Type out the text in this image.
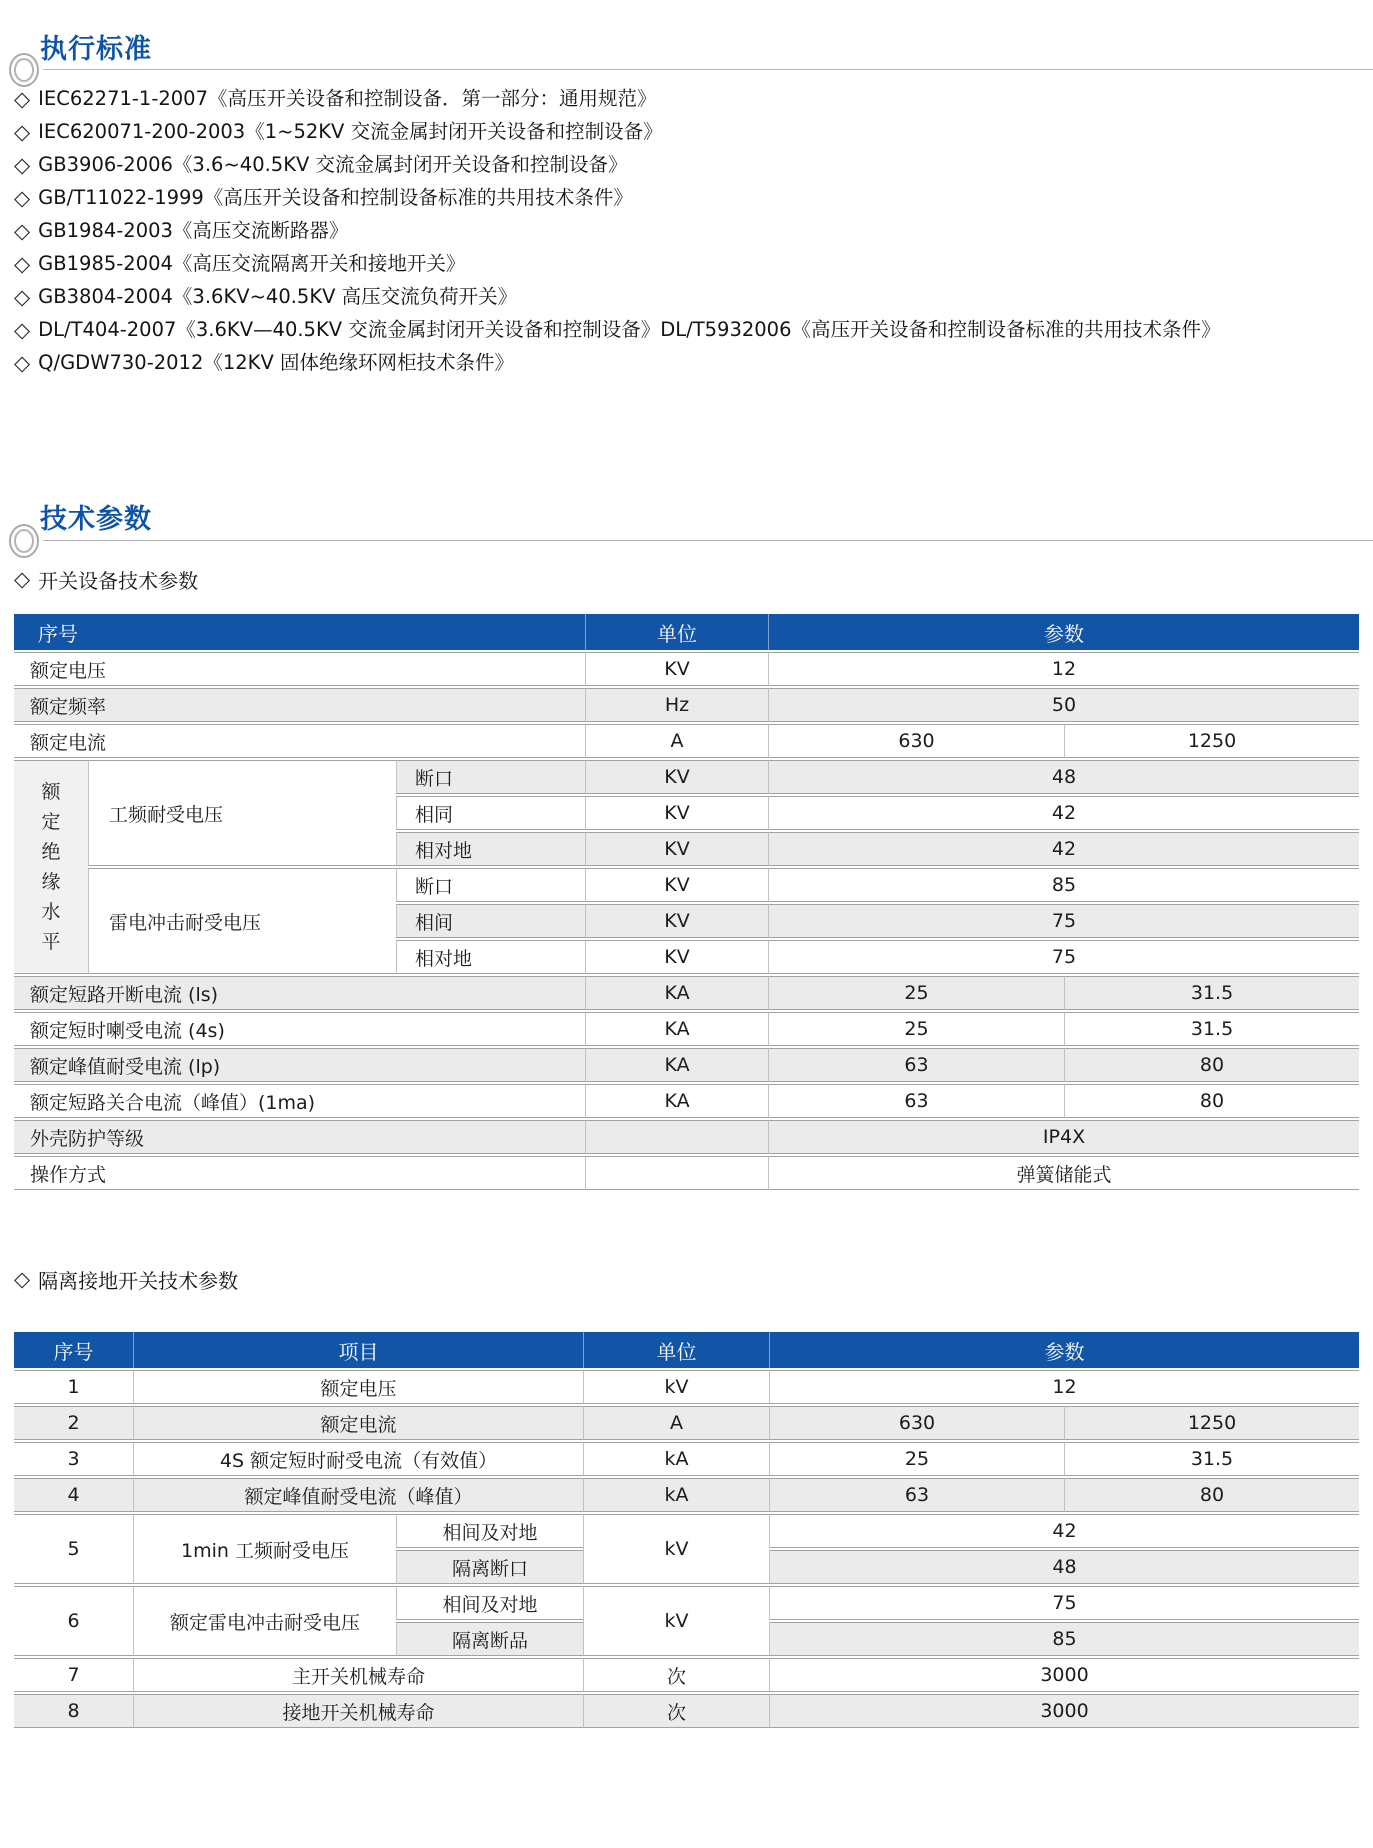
执行标准
◇ IEC62271-1-2007《高压开关设备和控制设备．第一部分：通用规范》
◇ IEC620071-200-2003《1~52KV 交流金属封闭开关设备和控制设备》
◇ GB3906-2006《3.6~40.5KV 交流金属封闭开关设备和控制设备》
◇ GB/T11022-1999《高压开关设备和控制设备标准的共用技术条件》
◇ GB1984-2003《高压交流断路器》
◇ GB1985-2004《高压交流隔离开关和接地开关》
◇ GB3804-2004《3.6KV~40.5KV 高压交流负荷开关》
◇ DL/T404-2007《3.6KV—40.5KV 交流金属封闭开关设备和控制设备》DL/T5932006《高压开关设备和控制设备标准的共用技术条件》
◇ Q/GDW730-2012《12KV 固体绝缘环网柜技术条件》
技术参数
◇ 开关设备技术参数
序号			单位	参数	
额定电压			KV	12	
额定频率			Hz	50	
额定电流			A	630	1250

额定绝缘水平	工频耐受电压	断口	KV	48	
		相同	KV	42	
		相对地	KV	42	
	雷电冲击耐受电压	断口	KV	85	
		相间	KV	75	
		相对地	KV	75	
额定短路开断电流 (ls)			KA	25	31.5
额定短时喇受电流 (4s)			KA	25	31.5
额定峰值耐受电流 (lp)			KA	63	80
额定短路关合电流（峰值）(1ma)			KA	63	80
外壳防护等级				IP4X	
操作方式				弹簧储能式	
◇ 隔离接地开关技术参数
序号	项目		单位	参数	
1	额定电压		kV	12	
2	额定电流		A	630	1250
3	4S 额定短时耐受电流（有效值）		kA	25	31.5
4	额定峰值耐受电流（峰值）		kA	63	80
5	1min 工频耐受电压	相间及对地	kV	42	
		隔离断口		48	
6	额定雷电冲击耐受电压	相间及对地	kV	75	
		隔离断品		85	
7	主开关机械寿命		次	3000	
8	接地开关机械寿命		次	3000	
